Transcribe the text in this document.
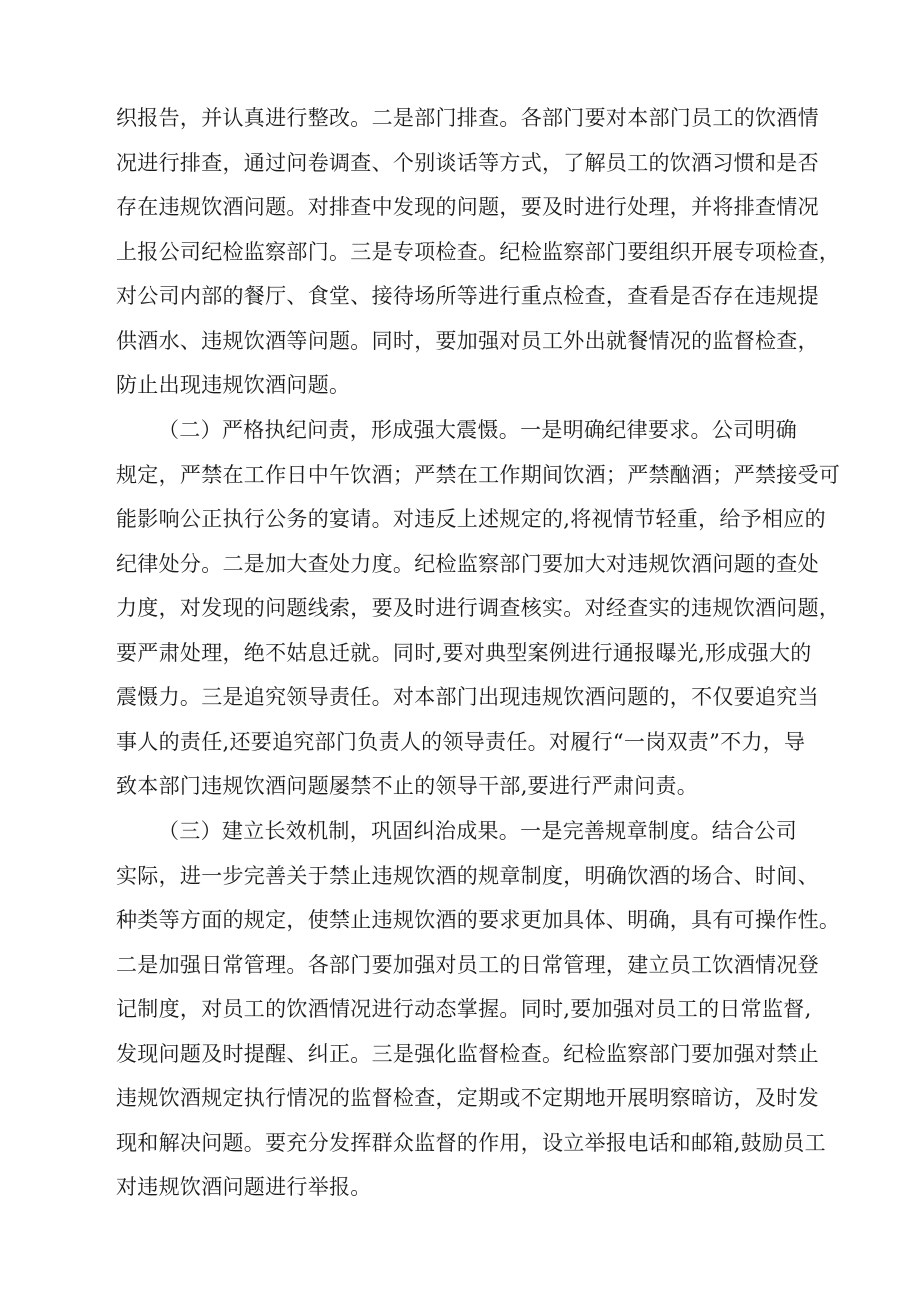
织报告，并认真进行整改。二是部门排查。各部门要对本部门员工的饮酒情
况进行排查，通过问卷调查、个别谈话等方式，了解员工的饮酒习惯和是否
存在违规饮酒问题。对排查中发现的问题，要及时进行处理，并将排查情况
上报公司纪检监察部门。三是专项检查。纪检监察部门要组织开展专项检查，
对公司内部的餐厅、食堂、接待场所等进行重点检查，查看是否存在违规提
供酒水、违规饮酒等问题。同时，要加强对员工外出就餐情况的监督检查，
防止出现违规饮酒问题。
（二）严格执纪问责，形成强大震慑。一是明确纪律要求。公司明确
规定，严禁在工作日中午饮酒；严禁在工作期间饮酒；严禁酗酒；严禁接受可
能影响公正执行公务的宴请。对违反上述规定的,将视情节轻重，给予相应的
纪律处分。二是加大查处力度。纪检监察部门要加大对违规饮酒问题的查处
力度，对发现的问题线索，要及时进行调查核实。对经查实的违规饮酒问题，
要严肃处理，绝不姑息迁就。同时,要对典型案例进行通报曝光,形成强大的
震慑力。三是追究领导责任。对本部门出现违规饮酒问题的，不仅要追究当
事人的责任,还要追究部门负责人的领导责任。对履行“一岗双责”不力，导
致本部门违规饮酒问题屡禁不止的领导干部,要进行严肃问责。
（三）建立长效机制，巩固纠治成果。一是完善规章制度。结合公司
实际，进一步完善关于禁止违规饮酒的规章制度，明确饮酒的场合、时间、
种类等方面的规定，使禁止违规饮酒的要求更加具体、明确，具有可操作性。
二是加强日常管理。各部门要加强对员工的日常管理，建立员工饮酒情况登
记制度，对员工的饮酒情况进行动态掌握。同时,要加强对员工的日常监督,
发现问题及时提醒、纠正。三是强化监督检查。纪检监察部门要加强对禁止
违规饮酒规定执行情况的监督检查，定期或不定期地开展明察暗访，及时发
现和解决问题。要充分发挥群众监督的作用，设立举报电话和邮箱,鼓励员工
对违规饮酒问题进行举报。
